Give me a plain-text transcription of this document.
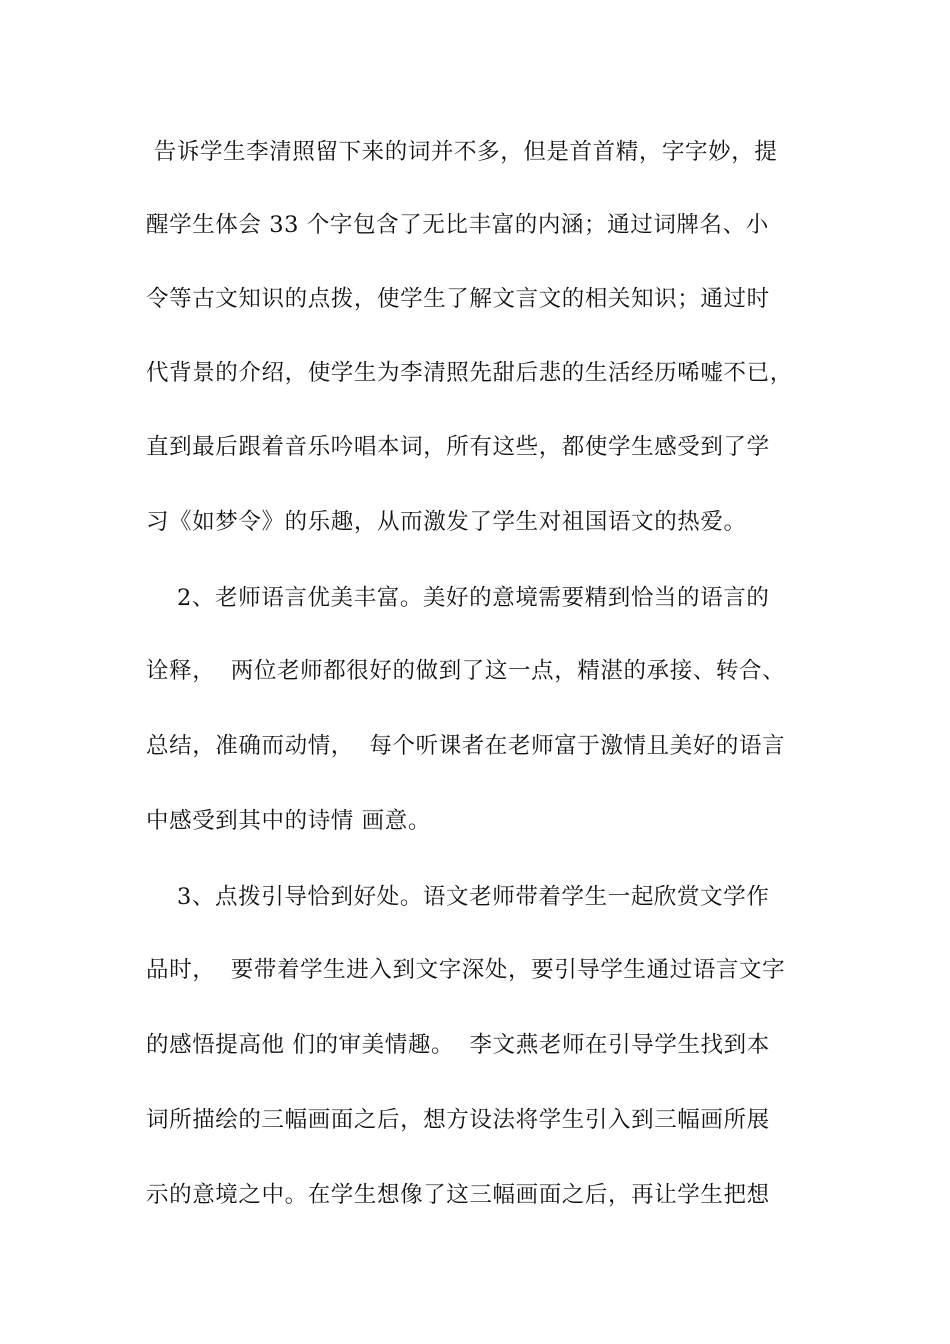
告诉学生李清照留下来的词并不多，但是首首精，字字妙，提
醒学生体会 33 个字包含了无比丰富的内涵；通过词牌名、小
令等古文知识的点拨，使学生了解文言文的相关知识；通过时
代背景的介绍，使学生为李清照先甜后悲的生活经历唏嘘不已，
直到最后跟着音乐吟唱本词，所有这些，都使学生感受到了学
习《如梦令》的乐趣，从而激发了学生对祖国语文的热爱。
2、老师语言优美丰富。美好的意境需要精到恰当的语言的
诠释，  两位老师都很好的做到了这一点，精湛的承接、转合、
总结，准确而动情，  每个听课者在老师富于激情且美好的语言
中感受到其中的诗情 画意。
3、点拨引导恰到好处。语文老师带着学生一起欣赏文学作
品时，  要带着学生进入到文字深处，要引导学生通过语言文字
的感悟提高他 们的审美情趣。  李文燕老师在引导学生找到本
词所描绘的三幅画面之后，想方设法将学生引入到三幅画所展
示的意境之中。在学生想像了这三幅画面之后，再让学生把想
